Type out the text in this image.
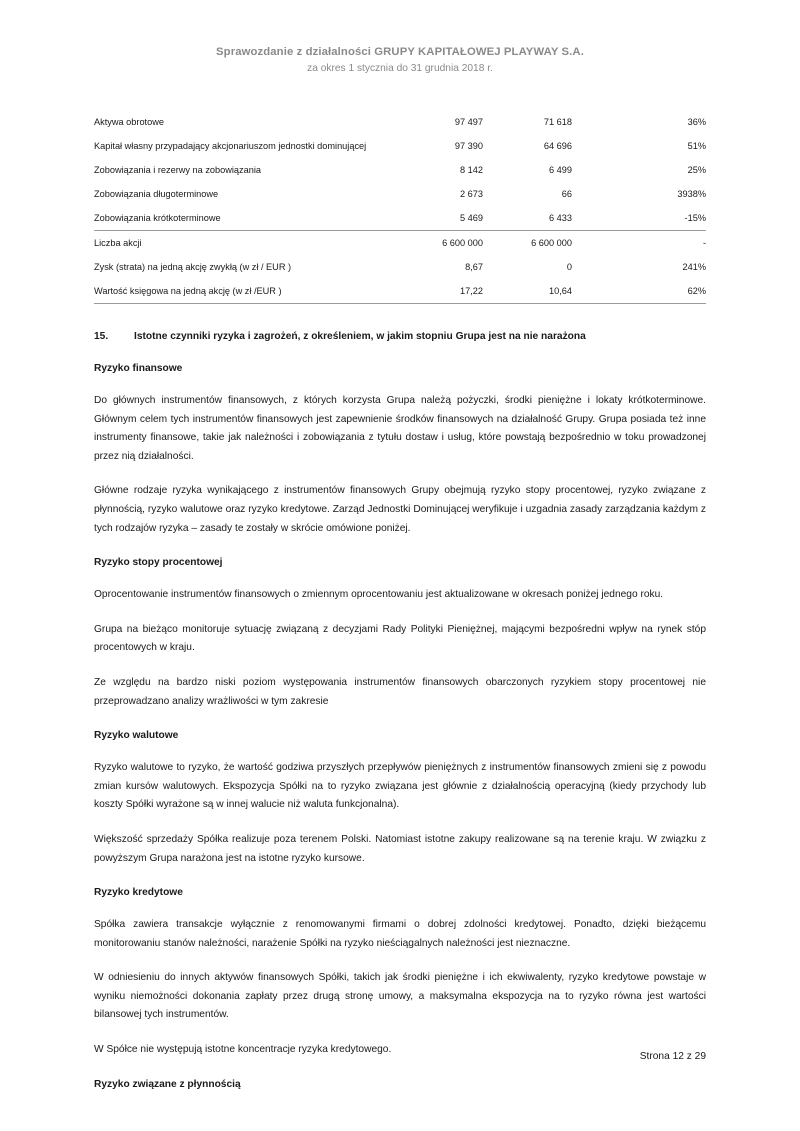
Sprawozdanie z działalności GRUPY KAPITAŁOWEJ PLAYWAY S.A.
za okres 1 stycznia do 31 grudnia 2018 r.
Aktywa obrotowe	97 497	71 618	36%
Kapitał własny przypadający akcjonariuszom jednostki dominującej	97 390	64 696	51%
Zobowiązania i rezerwy na zobowiązania	8 142	6 499	25%
Zobowiązania długoterminowe	2 673	66	3938%
Zobowiązania krótkoterminowe	5 469	6 433	-15%
Liczba akcji	6 600 000	6 600 000	-
Zysk (strata) na jedną akcję zwykłą (w zł / EUR )	8,67	0	241%
Wartość księgowa na jedną akcję (w zł /EUR )	17,22	10,64	62%
15.	Istotne czynniki ryzyka i zagrożeń, z określeniem, w jakim stopniu Grupa jest na nie narażona
Ryzyko finansowe

Do głównych instrumentów finansowych, z których korzysta Grupa należą pożyczki, środki pieniężne i lokaty krótkoterminowe. Głównym celem tych instrumentów finansowych jest zapewnienie środków finansowych na działalność Grupy. Grupa posiada też inne instrumenty finansowe, takie jak należności i zobowiązania z tytułu dostaw i usług, które powstają bezpośrednio w toku prowadzonej przez nią działalności.

Główne rodzaje ryzyka wynikającego z instrumentów finansowych Grupy obejmują ryzyko stopy procentowej, ryzyko związane z płynnością, ryzyko walutowe oraz ryzyko kredytowe. Zarząd Jednostki Dominującej weryfikuje i uzgadnia zasady zarządzania każdym z tych rodzajów ryzyka – zasady te zostały w skrócie omówione poniżej.

Ryzyko stopy procentowej

Oprocentowanie instrumentów finansowych o zmiennym oprocentowaniu jest aktualizowane w okresach poniżej jednego roku.

Grupa na bieżąco monitoruje sytuację związaną z decyzjami Rady Polityki Pieniężnej, mającymi bezpośredni wpływ na rynek stóp procentowych w kraju.

Ze względu na bardzo niski poziom występowania instrumentów finansowych obarczonych ryzykiem stopy procentowej nie przeprowadzano analizy wrażliwości w tym zakresie

Ryzyko walutowe

Ryzyko walutowe to ryzyko, że wartość godziwa przyszłych przepływów pieniężnych z instrumentów finansowych zmieni się z powodu zmian kursów walutowych. Ekspozycja Spółki na to ryzyko związana jest głównie z działalnością operacyjną (kiedy przychody lub koszty Spółki wyrażone są w innej walucie niż waluta funkcjonalna).

Większość sprzedaży Spółka realizuje poza terenem Polski. Natomiast istotne zakupy realizowane są na terenie kraju. W związku z powyższym Grupa narażona jest na istotne ryzyko kursowe.

Ryzyko kredytowe

Spółka zawiera transakcje wyłącznie z renomowanymi firmami o dobrej zdolności kredytowej. Ponadto, dzięki bieżącemu monitorowaniu stanów należności, narażenie Spółki na ryzyko nieściągalnych należności jest nieznaczne.

W odniesieniu do innych aktywów finansowych Spółki, takich jak środki pieniężne i ich ekwiwalenty, ryzyko kredytowe powstaje w wyniku niemożności dokonania zapłaty przez drugą stronę umowy, a maksymalna ekspozycja na to ryzyko równa jest wartości bilansowej tych instrumentów.

W Spółce nie występują istotne koncentracje ryzyka kredytowego.

Ryzyko związane z płynnością
Strona 12 z 29
